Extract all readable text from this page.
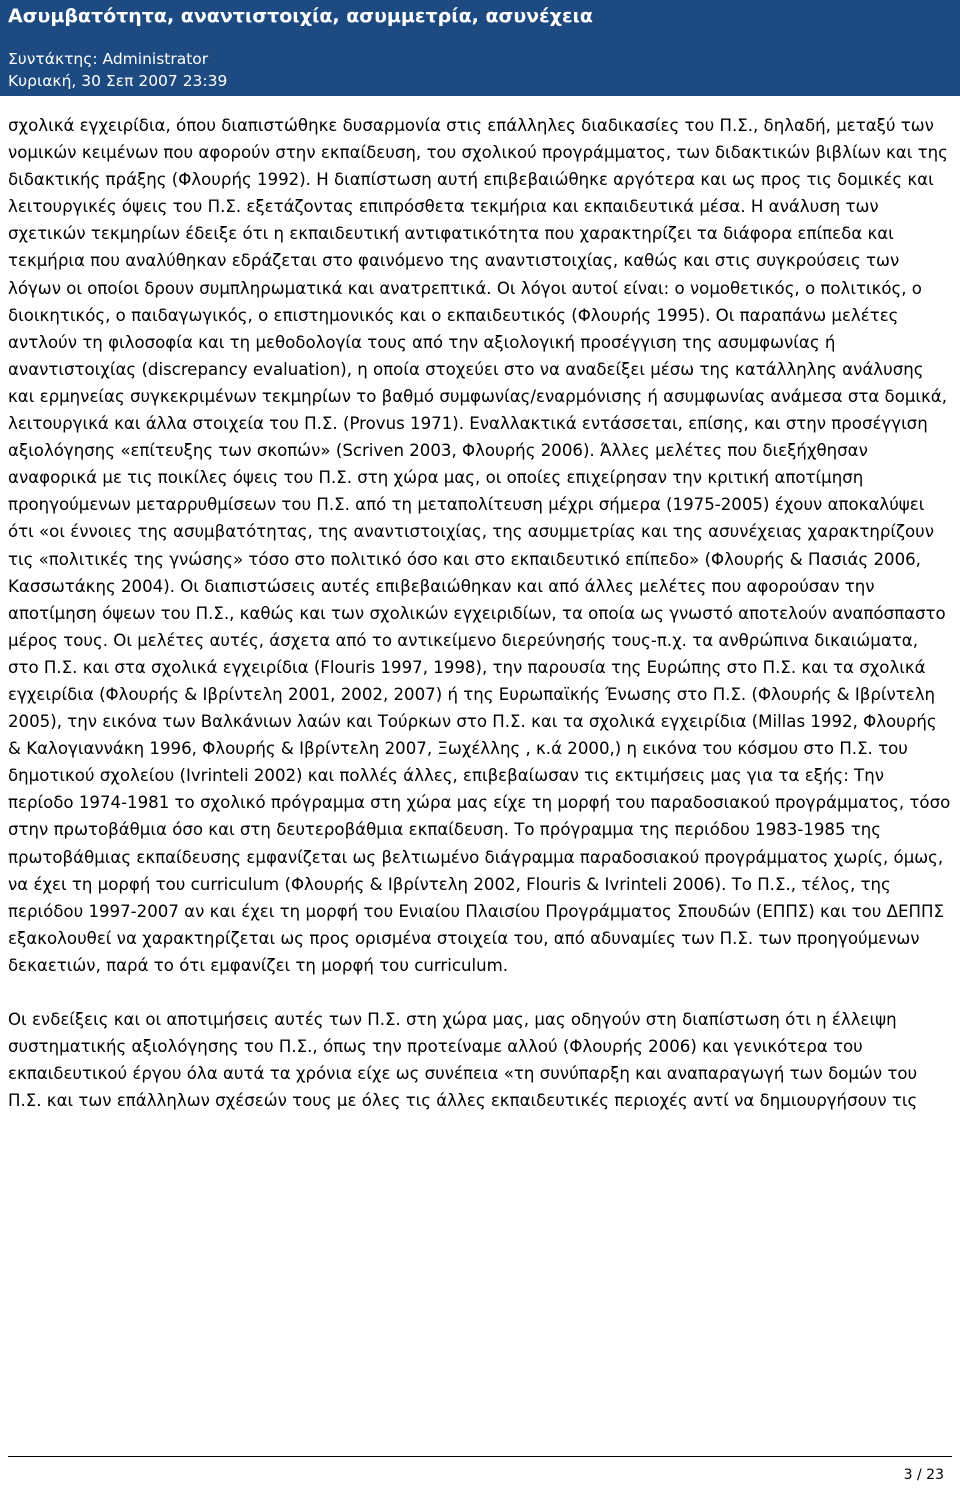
Ασυμβατότητα, αναντιστοιχία, ασυμμετρία, ασυνέχεια
Συντάκτης: Administrator
Κυριακή, 30 Σεπ 2007 23:39

σχολικά εγχειρίδια, όπου διαπιστώθηκε δυσαρμονία στις επάλληλες διαδικασίες του Π.Σ., δηλαδή, μεταξύ των νομικών κειμένων που αφορούν στην εκπαίδευση, του σχολικού προγράμματος, των διδακτικών βιβλίων και της διδακτικής πράξης (Φλουρής 1992). Η διαπίστωση αυτή επιβεβαιώθηκε αργότερα και ως προς τις δομικές και λειτουργικές όψεις του Π.Σ. εξετάζοντας επιπρόσθετα τεκμήρια και εκπαιδευτικά μέσα. Η ανάλυση των σχετικών τεκμηρίων έδειξε ότι η εκπαιδευτική αντιφατικότητα που χαρακτηρίζει τα διάφορα επίπεδα και τεκμήρια που αναλύθηκαν εδράζεται στο φαινόμενο της αναντιστοιχίας, καθώς και στις συγκρούσεις των λόγων οι οποίοι δρουν συμπληρωματικά και ανατρεπτικά. Οι λόγοι αυτοί είναι: ο νομοθετικός, ο πολιτικός, ο διοικητικός, ο παιδαγωγικός, ο επιστημονικός και ο εκπαιδευτικός (Φλουρής 1995). Οι παραπάνω μελέτες αντλούν τη φιλοσοφία και τη μεθοδολογία τους από την αξιολογική προσέγγιση της ασυμφωνίας ή αναντιστοιχίας (discrepancy evaluation), η οποία στοχεύει στο να αναδείξει μέσω της κατάλληλης ανάλυσης και ερμηνείας συγκεκριμένων τεκμηρίων το βαθμό συμφωνίας/εναρμόνισης ή ασυμφωνίας ανάμεσα στα δομικά, λειτουργικά και άλλα στοιχεία του Π.Σ. (Provus 1971). Εναλλακτικά εντάσσεται, επίσης, και στην προσέγγιση αξιολόγησης «επίτευξης των σκοπών» (Scriven 2003, Φλουρής 2006). Άλλες μελέτες που διεξήχθησαν αναφορικά με τις ποικίλες όψεις του Π.Σ. στη χώρα μας, οι οποίες επιχείρησαν την κριτική αποτίμηση προηγούμενων μεταρρυθμίσεων του Π.Σ. από τη μεταπολίτευση μέχρι σήμερα (1975-2005) έχουν αποκαλύψει ότι «οι έννοιες της ασυμβατότητας, της αναντιστοιχίας, της ασυμμετρίας και της ασυνέχειας χαρακτηρίζουν τις «πολιτικές της γνώσης» τόσο στο πολιτικό όσο και στο εκπαιδευτικό επίπεδο» (Φλουρής & Πασιάς 2006, Κασσωτάκης 2004). Οι διαπιστώσεις αυτές επιβεβαιώθηκαν και από άλλες μελέτες που αφορούσαν την αποτίμηση όψεων του Π.Σ., καθώς και των σχολικών εγχειριδίων, τα οποία ως γνωστό αποτελούν αναπόσπαστο μέρος τους. Οι μελέτες αυτές, άσχετα από το αντικείμενο διερεύνησής τους-π.χ. τα ανθρώπινα δικαιώματα, στο Π.Σ. και στα σχολικά εγχειρίδια (Flouris 1997, 1998), την παρουσία της Ευρώπης στο Π.Σ. και τα σχολικά εγχειρίδια (Φλουρής & Ιβρίντελη 2001, 2002, 2007) ή της Ευρωπαϊκής Ένωσης στο Π.Σ. (Φλουρής & Ιβρίντελη 2005), την εικόνα των Βαλκάνιων λαών και Τούρκων στο Π.Σ. και τα σχολικά εγχειρίδια (Millas 1992, Φλουρής & Καλογιαννάκη 1996, Φλουρής & Ιβρίντελη 2007, Ξωχέλλης , κ.ά 2000,) η εικόνα του κόσμου στο Π.Σ. του δημοτικού σχολείου (Ivrinteli 2002) και πολλές άλλες, επιβεβαίωσαν τις εκτιμήσεις μας για τα εξής: Την περίοδο 1974-1981 το σχολικό πρόγραμμα στη χώρα μας είχε τη μορφή του παραδοσιακού προγράμματος, τόσο στην πρωτοβάθμια όσο και στη δευτεροβάθμια εκπαίδευση. Το πρόγραμμα της περιόδου 1983-1985 της πρωτοβάθμιας εκπαίδευσης εμφανίζεται ως βελτιωμένο διάγραμμα παραδοσιακού προγράμματος χωρίς, όμως, να έχει τη μορφή του curriculum (Φλουρής & Ιβρίντελη 2002, Flouris & Ivrinteli 2006). Το Π.Σ., τέλος, της περιόδου 1997-2007 αν και έχει τη μορφή του Ενιαίου Πλαισίου Προγράμματος Σπουδών (ΕΠΠΣ) και του ΔΕΠΠΣ εξακολουθεί να χαρακτηρίζεται ως προς ορισμένα στοιχεία του, από αδυναμίες των Π.Σ. των προηγούμενων δεκαετιών, παρά το ότι εμφανίζει τη μορφή του curriculum.

Οι ενδείξεις και οι αποτιμήσεις αυτές των Π.Σ. στη χώρα μας, μας οδηγούν στη διαπίστωση ότι η έλλειψη συστηματικής αξιολόγησης του Π.Σ., όπως την προτείναμε αλλού (Φλουρής 2006) και γενικότερα του εκπαιδευτικού έργου όλα αυτά τα χρόνια είχε ως συνέπεια «τη συνύπαρξη και αναπαραγωγή των δομών του Π.Σ. και των επάλληλων σχέσεών τους με όλες τις άλλες εκπαιδευτικές περιοχές αντί να δημιουργήσουν τις

3 / 23
